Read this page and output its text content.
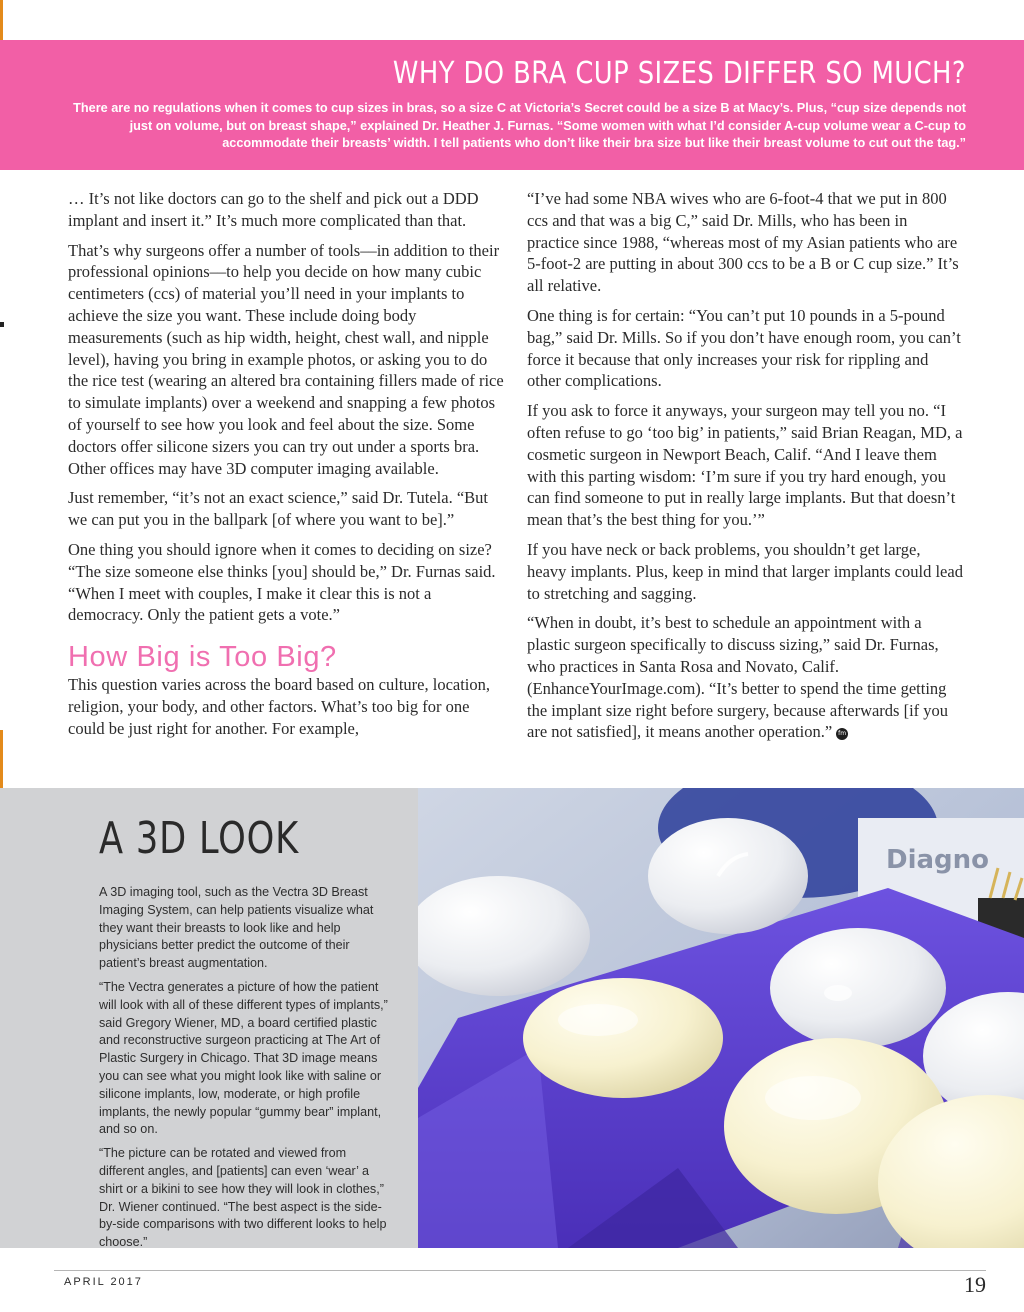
WHY DO BRA CUP SIZES DIFFER SO MUCH?

There are no regulations when it comes to cup sizes in bras, so a size C at Victoria’s Secret could be a size B at Macy’s. Plus, “cup size depends not just on volume, but on breast shape,” explained Dr. Heather J. Furnas. “Some women with what I’d consider A-cup volume wear a C-cup to accommodate their breasts’ width. I tell patients who don’t like their bra size but like their breast volume to cut out the tag.”

… It’s not like doctors can go to the shelf and pick out a DDD implant and insert it.” It’s much more complicated than that.

That’s why surgeons offer a number of tools––in addition to their professional opinions––to help you decide on how many cubic centimeters (ccs) of material you’ll need in your implants to achieve the size you want. These include doing body measurements (such as hip width, height, chest wall, and nipple level), having you bring in example photos, or asking you to do the rice test (wearing an altered bra containing fillers made of rice to simulate implants) over a weekend and snapping a few photos of yourself to see how you look and feel about the size. Some doctors offer silicone sizers you can try out under a sports bra. Other offices may have 3D computer imaging available.

Just remember, “it’s not an exact science,” said Dr. Tutela. “But we can put you in the ballpark [of where you want to be].”

One thing you should ignore when it comes to deciding on size? “The size someone else thinks [you] should be,” Dr. Furnas said. “When I meet with couples, I make it clear this is not a democracy. Only the patient gets a vote.”

How Big is Too Big?

This question varies across the board based on culture, location, religion, your body, and other factors. What’s too big for one could be just right for another. For example,

“I’ve had some NBA wives who are 6-foot-4 that we put in 800 ccs and that was a big C,” said Dr. Mills, who has been in practice since 1988, “whereas most of my Asian patients who are 5-foot-2 are putting in about 300 ccs to be a B or C cup size.” It’s all relative.

One thing is for certain: “You can’t put 10 pounds in a 5-pound bag,” said Dr. Mills. So if you don’t have enough room, you can’t force it because that only increases your risk for rippling and other complications.

If you ask to force it anyways, your surgeon may tell you no. “I often refuse to go ‘too big’ in patients,” said Brian Reagan, MD, a cosmetic surgeon in Newport Beach, Calif. “And I leave them with this parting wisdom: ‘I’m sure if you try hard enough, you can find someone to put in really large implants. But that doesn’t mean that’s the best thing for you.’”

If you have neck or back problems, you shouldn’t get large, heavy implants. Plus, keep in mind that larger implants could lead to stretching and sagging.

“When in doubt, it’s best to schedule an appointment with a plastic surgeon specifically to discuss sizing,” said Dr. Furnas, who practices in Santa Rosa and Novato, Calif. (EnhanceYourImage.com). “It’s better to spend the time getting the implant size right before surgery, because afterwards [if you are not satisfied], it means another operation.” fm

A 3D LOOK

A 3D imaging tool, such as the Vectra 3D Breast Imaging System, can help patients visualize what they want their breasts to look like and help physicians better predict the outcome of their patient’s breast augmentation.

“The Vectra generates a picture of how the patient will look with all of these different types of implants,” said Gregory Wiener, MD, a board certified plastic and reconstructive surgeon practicing at The Art of Plastic Surgery in Chicago. That 3D image means you can see what you might look like with saline or silicone implants, low, moderate, or high profile implants, the newly popular “gummy bear” implant, and so on.

“The picture can be rotated and viewed from different angles, and [patients] can even ‘wear’ a shirt or a bikini to see how they will look in clothes,” Dr. Wiener continued. “The best aspect is the side-by-side comparisons with two different looks to help choose.”

Diagno
APRIL 2017	19
